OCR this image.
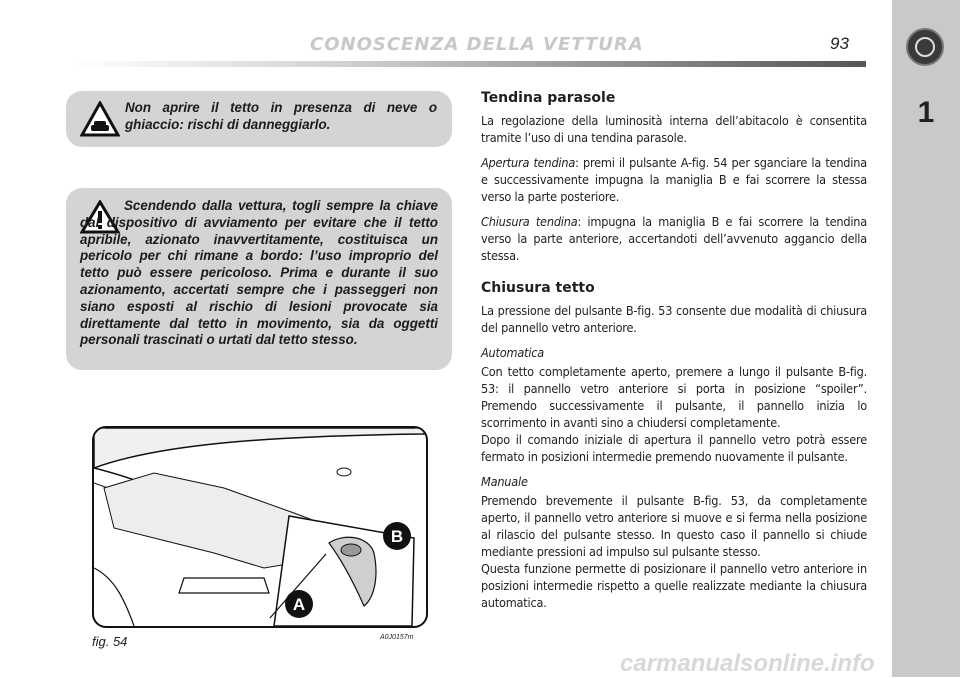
CONOSCENZA DELLA VETTURA	93
1
Non aprire il tetto in presenza di neve o ghiaccio: rischi di danneggiarlo.
Scendendo dalla vettura, togli sempre la chiave dal dispositivo di avviamento per evitare che il tetto apribile, azionato inavvertitamente, costituisca un pericolo per chi rimane a bordo: l’uso improprio del tetto può essere pericoloso. Prima e durante il suo azionamento, accertati sempre che i passeggeri non siano esposti al rischio di lesioni provocate sia direttamente dal tetto in movimento, sia da oggetti personali trascinati o urtati dal tetto stesso.
B
A
fig. 54	A0J0157m
Tendina parasole

La regolazione della luminosità interna dell’abitacolo è consentita tramite l’uso di una tendina parasole.

Apertura tendina: premi il pulsante A-fig. 54 per sganciare la tendina e successivamente impugna la maniglia B e fai scorrere la stessa verso la parte posteriore.

Chiusura tendina: impugna la maniglia B e fai scorrere la tendina verso la parte anteriore, accertandoti dell’avvenuto aggancio della stessa.

Chiusura tetto

La pressione del pulsante B-fig. 53 consente due modalità di chiusura del pannello vetro anteriore.

Automatica

Con tetto completamente aperto, premere a lungo il pulsante B-fig. 53: il pannello vetro anteriore si porta in posizione “spoiler”. Premendo successivamente il pulsante, il pannello inizia lo scorrimento in avanti sino a chiudersi completamente.

Dopo il comando iniziale di apertura il pannello vetro potrà essere fermato in posizioni intermedie premendo nuovamente il pulsante.

Manuale

Premendo brevemente il pulsante B-fig. 53, da completamente aperto, il pannello vetro anteriore si muove e si ferma nella posizione al rilascio del pulsante stesso. In questo caso il pannello si chiude mediante pressioni ad impulso sul pulsante stesso.

Questa funzione permette di posizionare il pannello vetro anteriore in posizioni intermedie rispetto a quelle realizzate mediante la chiusura automatica.

carmanualsonline.info
